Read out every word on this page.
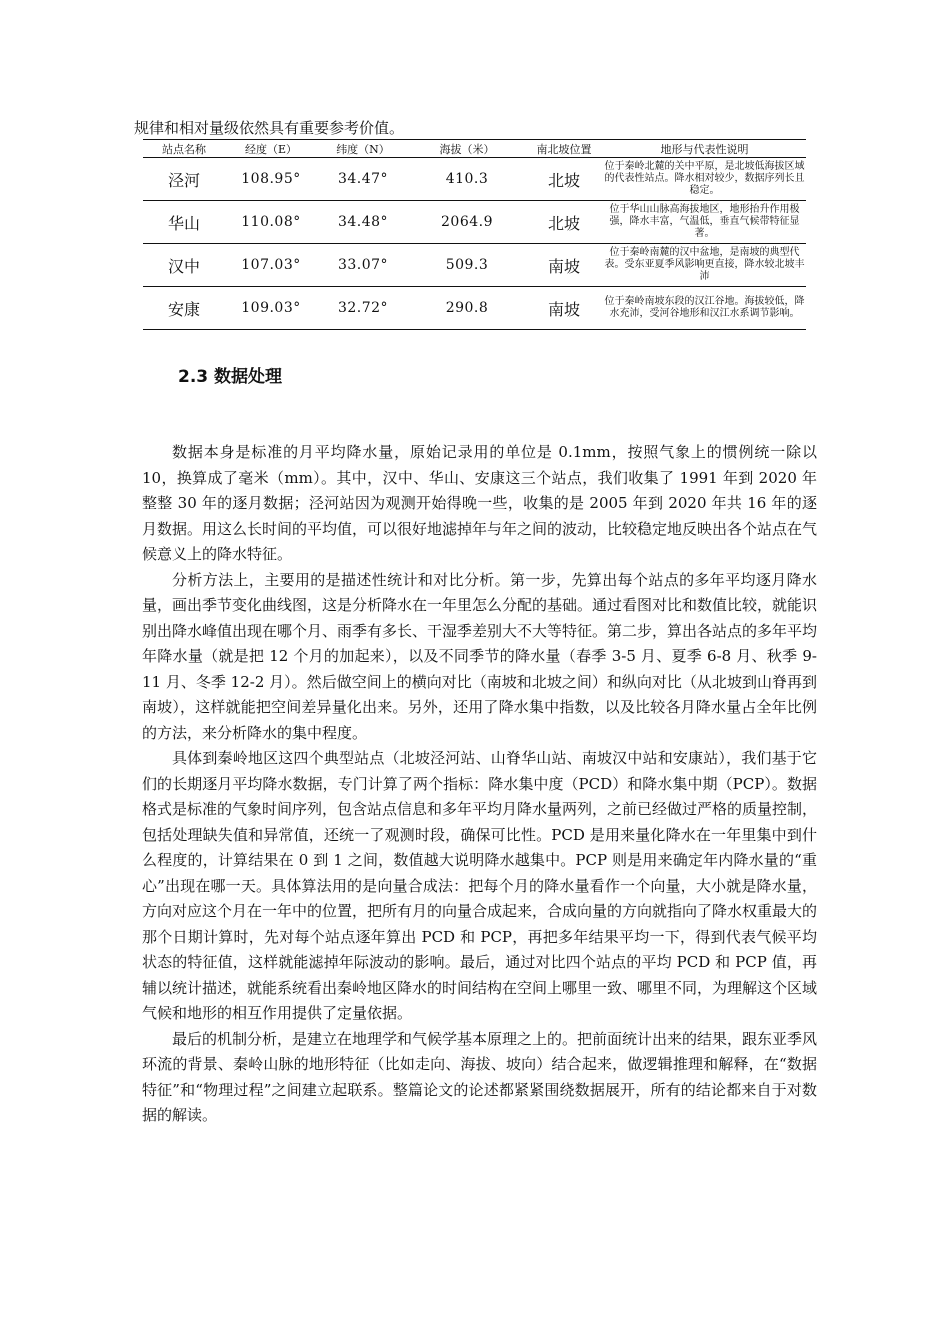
规律和相对量级依然具有重要参考价值。

站点名称	经度（E）	纬度（N）	海拔（米）	南北坡位置	地形与代表性说明
泾河	108.95°	34.47°	410.3	北坡	位于秦岭北麓的关中平原，是北坡低海拔区域的代表性站点。降水相对较少，数据序列长且稳定。
华山	110.08°	34.48°	2064.9	北坡	位于华山山脉高海拔地区，地形抬升作用极强，降水丰富，气温低，垂直气候带特征显著。
汉中	107.03°	33.07°	509.3	南坡	位于秦岭南麓的汉中盆地，是南坡的典型代表。受东亚夏季风影响更直接，降水较北坡丰沛
安康	109.03°	32.72°	290.8	南坡	位于秦岭南坡东段的汉江谷地。海拔较低，降水充沛，受河谷地形和汉江水系调节影响。
2.3 数据处理

数据本身是标准的月平均降水量，原始记录用的单位是 0.1mm，按照气象上的惯例统一除以 10，换算成了毫米（mm）。其中，汉中、华山、安康这三个站点，我们收集了 1991 年到 2020 年整整 30 年的逐月数据；泾河站因为观测开始得晚一些，收集的是 2005 年到 2020 年共 16 年的逐月数据。用这么长时间的平均值，可以很好地滤掉年与年之间的波动，比较稳定地反映出各个站点在气候意义上的降水特征。

分析方法上，主要用的是描述性统计和对比分析。第一步，先算出每个站点的多年平均逐月降水量，画出季节变化曲线图，这是分析降水在一年里怎么分配的基础。通过看图对比和数值比较，就能识别出降水峰值出现在哪个月、雨季有多长、干湿季差别大不大等特征。第二步，算出各站点的多年平均年降水量（就是把 12 个月的加起来），以及不同季节的降水量（春季 3-5 月、夏季 6-8 月、秋季 9-11 月、冬季 12-2 月）。然后做空间上的横向对比（南坡和北坡之间）和纵向对比（从北坡到山脊再到南坡），这样就能把空间差异量化出来。另外，还用了降水集中指数，以及比较各月降水量占全年比例的方法，来分析降水的集中程度。

具体到秦岭地区这四个典型站点（北坡泾河站、山脊华山站、南坡汉中站和安康站），我们基于它们的长期逐月平均降水数据，专门计算了两个指标：降水集中度（PCD）和降水集中期（PCP）。数据格式是标准的气象时间序列，包含站点信息和多年平均月降水量两列，之前已经做过严格的质量控制，包括处理缺失值和异常值，还统一了观测时段，确保可比性。PCD 是用来量化降水在一年里集中到什么程度的，计算结果在 0 到 1 之间，数值越大说明降水越集中。PCP 则是用来确定年内降水量的“重心”出现在哪一天。具体算法用的是向量合成法：把每个月的降水量看作一个向量，大小就是降水量，方向对应这个月在一年中的位置，把所有月的向量合成起来，合成向量的方向就指向了降水权重最大的那个日期计算时，先对每个站点逐年算出 PCD 和 PCP，再把多年结果平均一下，得到代表气候平均状态的特征值，这样就能滤掉年际波动的影响。最后，通过对比四个站点的平均 PCD 和 PCP 值，再辅以统计描述，就能系统看出秦岭地区降水的时间结构在空间上哪里一致、哪里不同，为理解这个区域气候和地形的相互作用提供了定量依据。

最后的机制分析，是建立在地理学和气候学基本原理之上的。把前面统计出来的结果，跟东亚季风环流的背景、秦岭山脉的地形特征（比如走向、海拔、坡向）结合起来，做逻辑推理和解释，在“数据特征”和“物理过程”之间建立起联系。整篇论文的论述都紧紧围绕数据展开，所有的结论都来自于对数据的解读。
